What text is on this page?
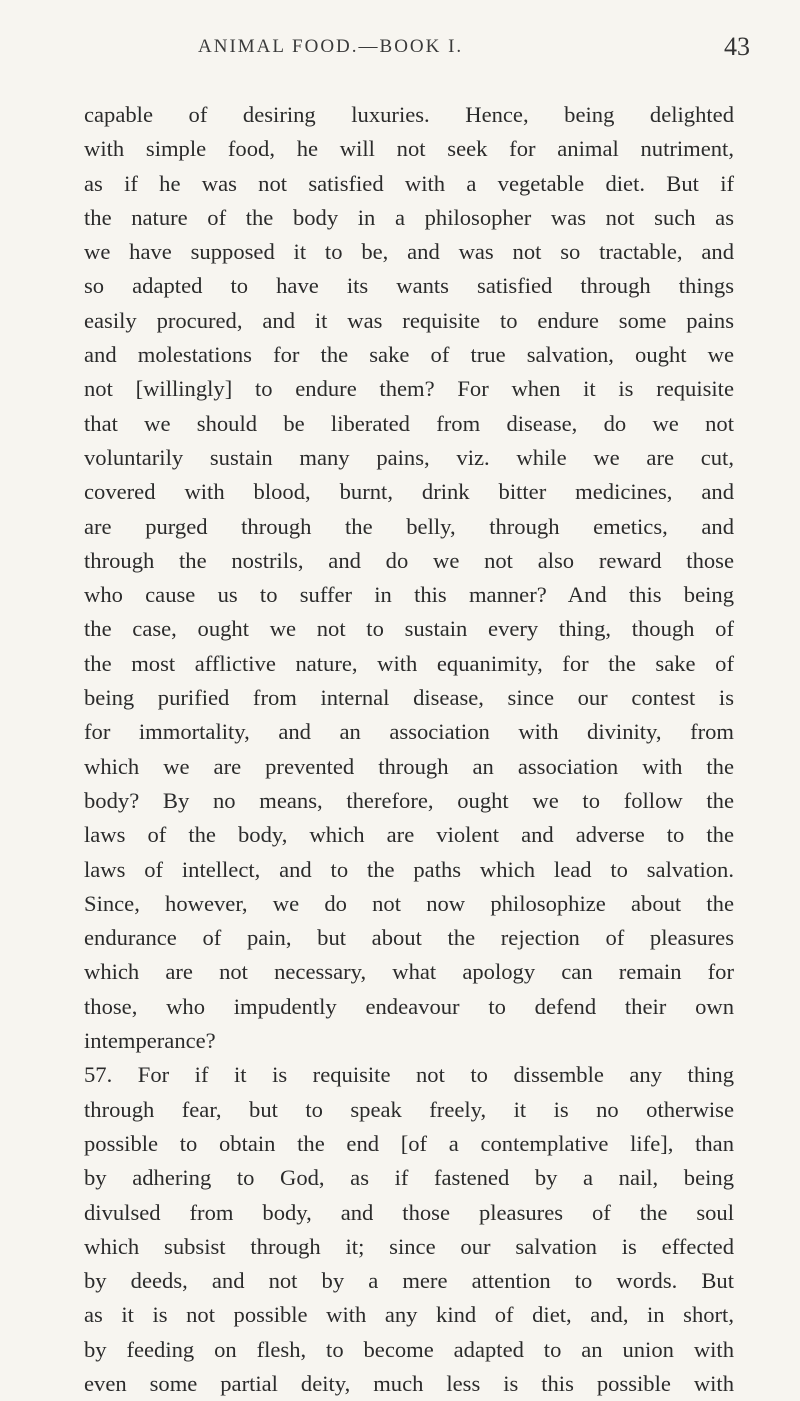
ANIMAL FOOD.—BOOK I.	43
capable of desiring luxuries. Hence, being delighted
with simple food, he will not seek for animal nutriment,
as if he was not satisfied with a vegetable diet. But if
the nature of the body in a philosopher was not such as
we have supposed it to be, and was not so tractable, and
so adapted to have its wants satisfied through things
easily procured, and it was requisite to endure some pains
and molestations for the sake of true salvation, ought we
not [willingly] to endure them? For when it is requisite
that we should be liberated from disease, do we not
voluntarily sustain many pains, viz. while we are cut,
covered with blood, burnt, drink bitter medicines, and
are purged through the belly, through emetics, and
through the nostrils, and do we not also reward those
who cause us to suffer in this manner? And this being
the case, ought we not to sustain every thing, though of
the most afflictive nature, with equanimity, for the sake of
being purified from internal disease, since our contest is
for immortality, and an association with divinity, from
which we are prevented through an association with the
body? By no means, therefore, ought we to follow the
laws of the body, which are violent and adverse to the
laws of intellect, and to the paths which lead to salvation.
Since, however, we do not now philosophize about the
endurance of pain, but about the rejection of pleasures
which are not necessary, what apology can remain for
those, who impudently endeavour to defend their own
intemperance?
57. For if it is requisite not to dissemble any thing
through fear, but to speak freely, it is no otherwise
possible to obtain the end [of a contemplative life], than
by adhering to God, as if fastened by a nail, being
divulsed from body, and those pleasures of the soul
which subsist through it; since our salvation is effected
by deeds, and not by a mere attention to words. But
as it is not possible with any kind of diet, and, in short,
by feeding on flesh, to become adapted to an union with
even some partial deity, much less is this possible with
